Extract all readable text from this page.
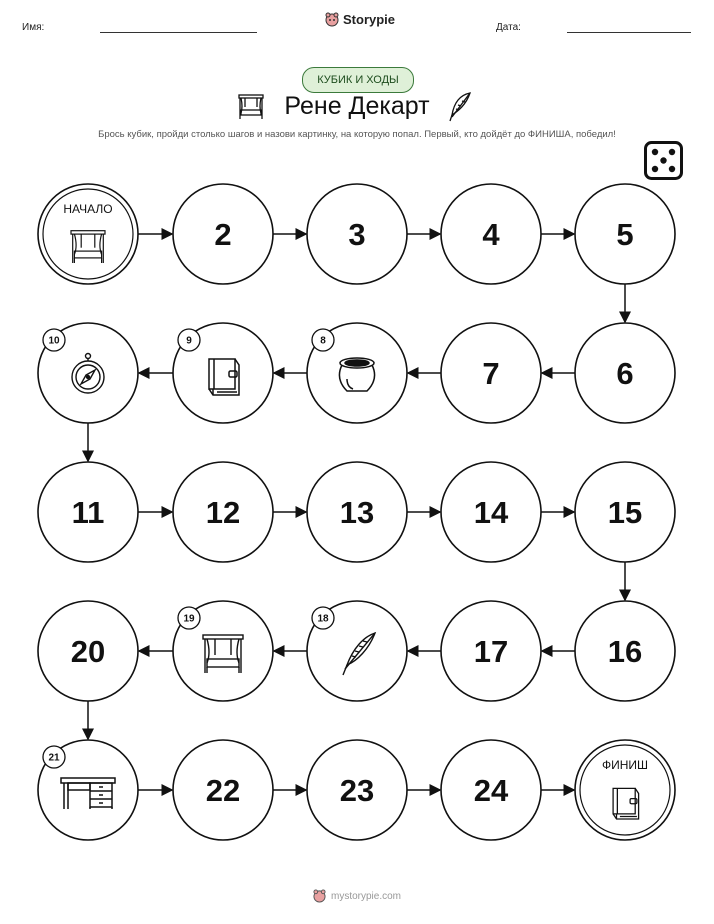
Имя:
Storypie
Дата:
КУБИК И ХОДЫ
Рене Декарт
Брось кубик, пройди столько шагов и назови картинку, на которую попал. Первый, кто дойдёт до ФИНИША, победил!
НАЧАЛО
2	3	4	5
6
7
8
9
10
11	12	13	14	15
16
17
18
19
20
21
22	23	24
ФИНИШ
mystorypie.com
